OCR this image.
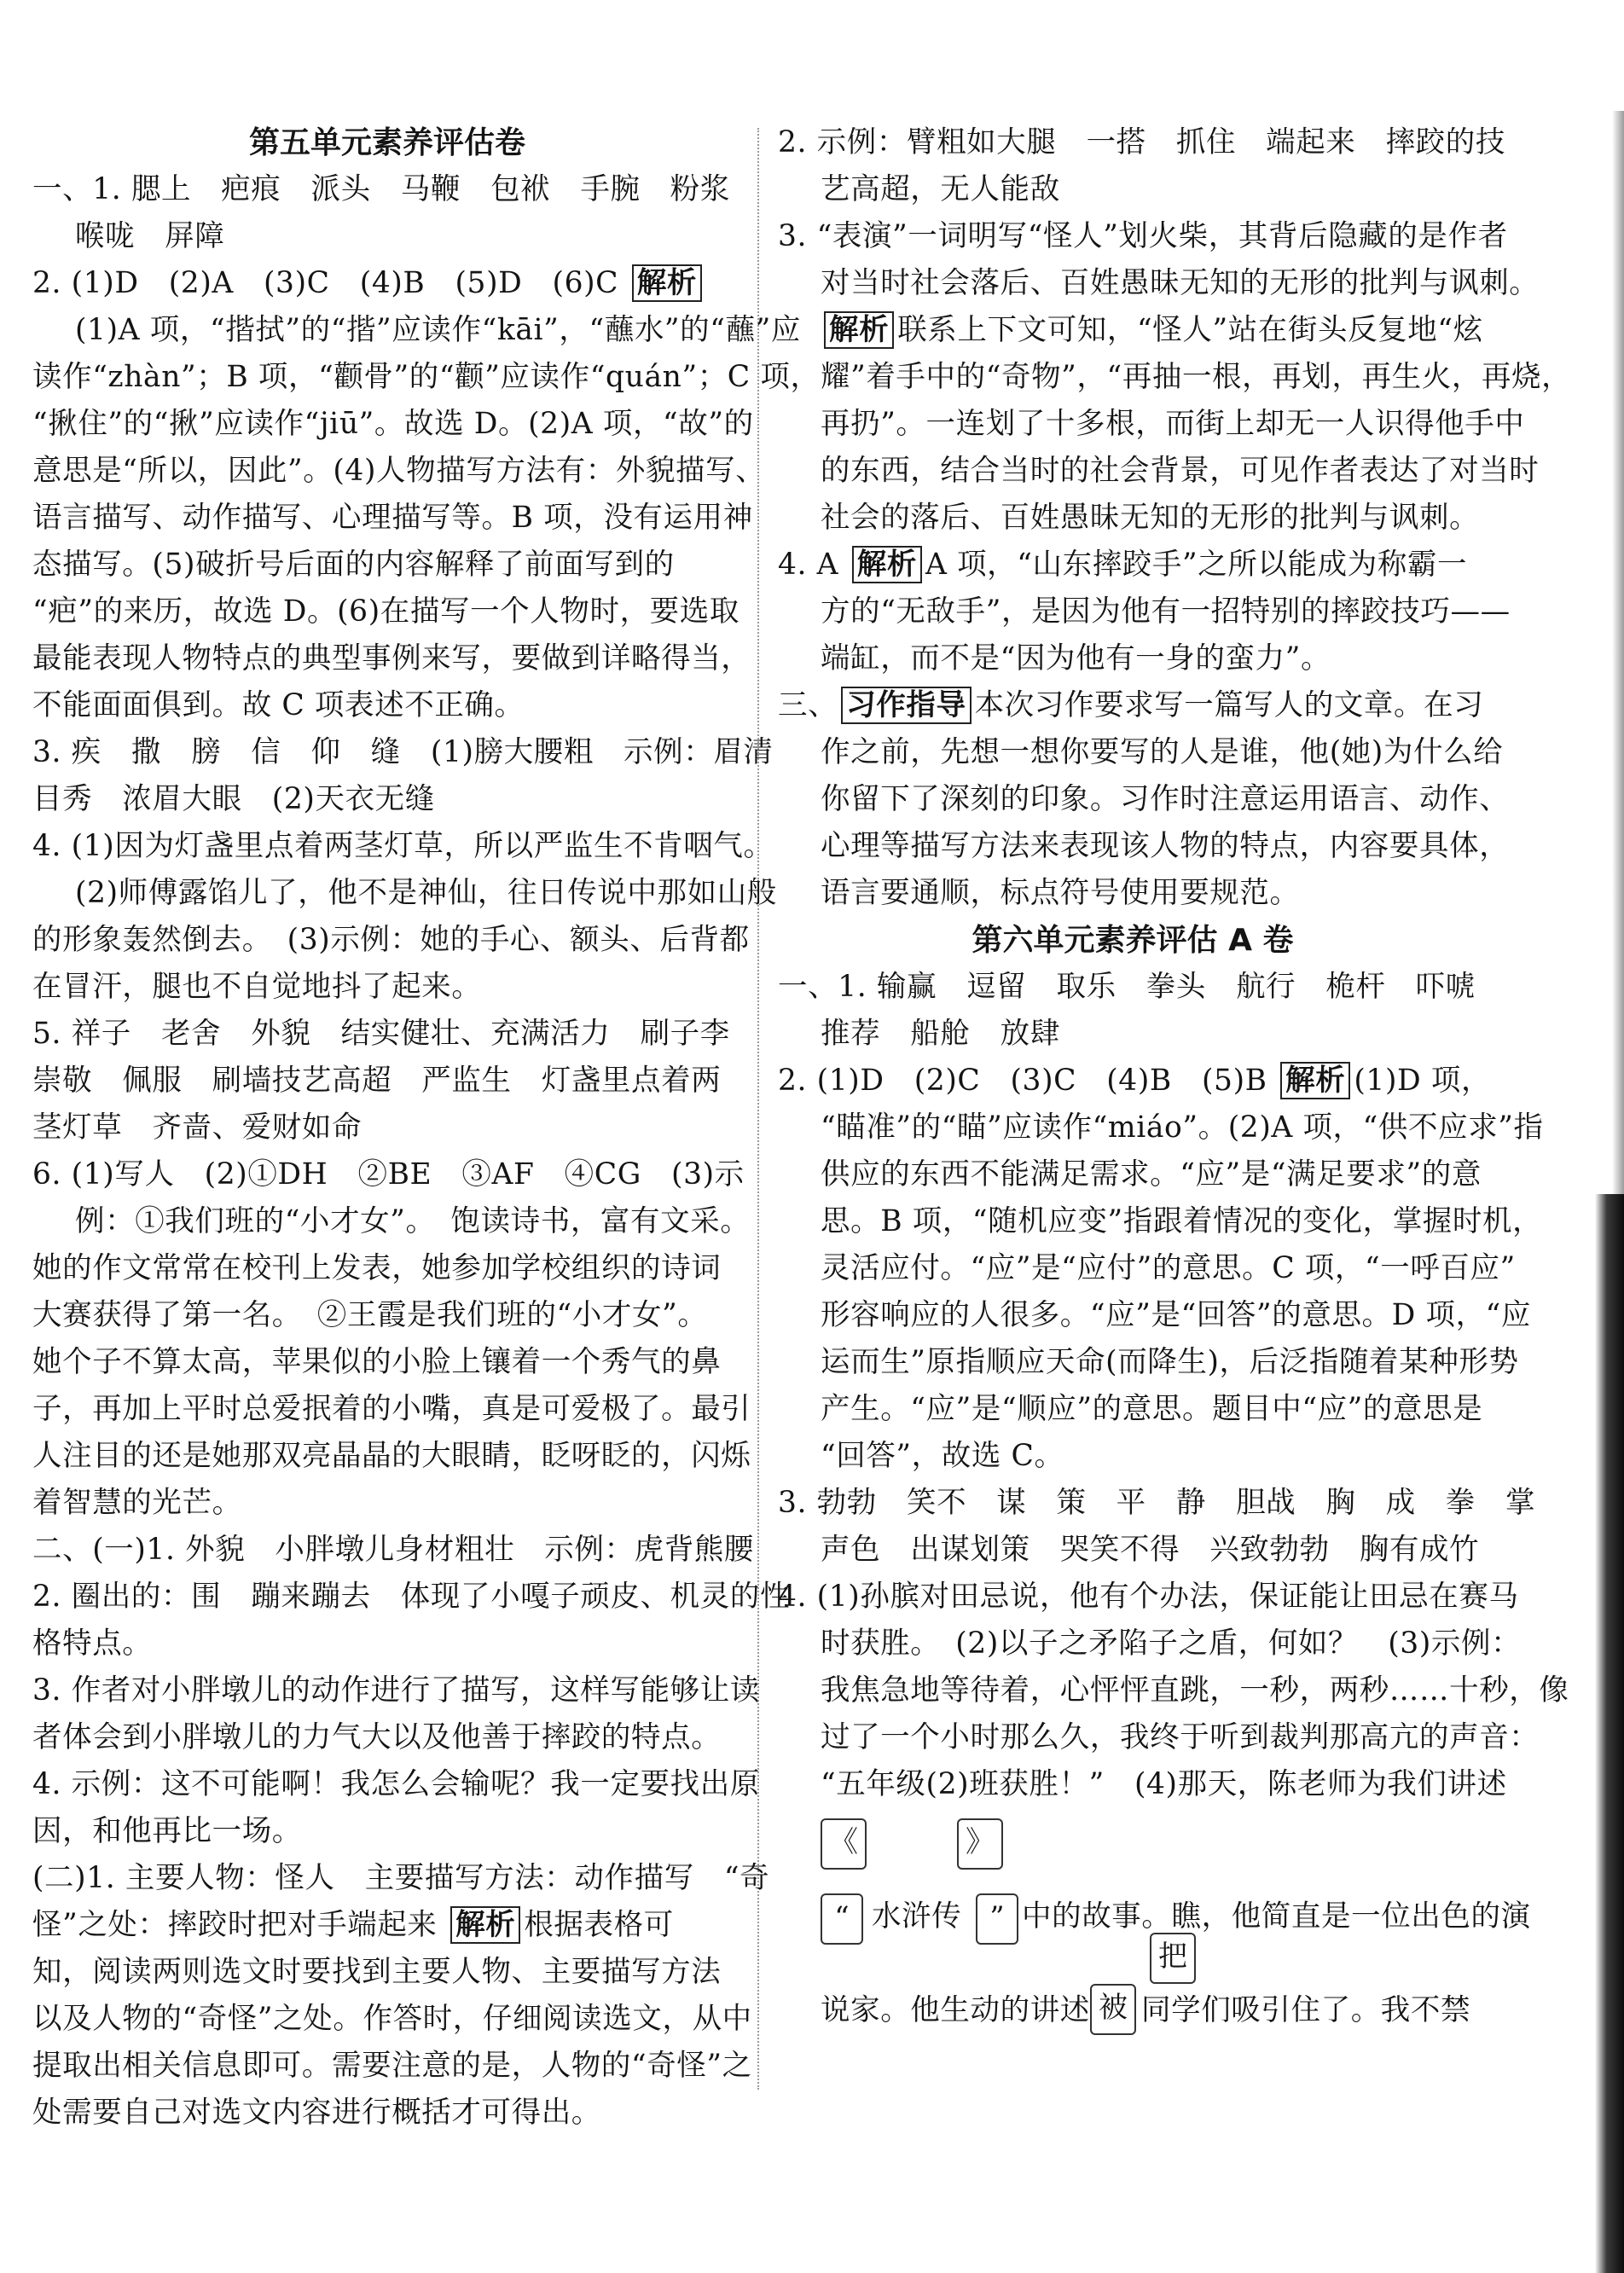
第五单元素养评估卷
一、1. 腮上　疤痕　派头　马鞭　包袱　手腕　粉浆
喉咙　屏障
2. (1)D　(2)A　(3)C　(4)B　(5)D　(6)C 解析
(1)A 项，“揩拭”的“揩”应读作“kāi”，“蘸水”的“蘸”应
读作“zhàn”；B 项，“颧骨”的“颧”应读作“quán”；C 项，
“揪住”的“揪”应读作“jiū”。故选 D。(2)A 项，“故”的
意思是“所以，因此”。(4)人物描写方法有：外貌描写、
语言描写、动作描写、心理描写等。B 项，没有运用神
态描写。(5)破折号后面的内容解释了前面写到的
“疤”的来历，故选 D。(6)在描写一个人物时，要选取
最能表现人物特点的典型事例来写，要做到详略得当，
不能面面俱到。故 C 项表述不正确。
3. 疾　撒　膀　信　仰　缝　(1)膀大腰粗　示例：眉清
目秀　浓眉大眼　(2)天衣无缝
4. (1)因为灯盏里点着两茎灯草，所以严监生不肯咽气。
(2)师傅露馅儿了，他不是神仙，往日传说中那如山般
的形象轰然倒去。　(3)示例：她的手心、额头、后背都
在冒汗，腿也不自觉地抖了起来。
5. 祥子　老舍　外貌　结实健壮、充满活力　刷子李
崇敬　佩服　刷墙技艺高超　严监生　灯盏里点着两
茎灯草　齐啬、爱财如命
6. (1)写人　(2)①DH　②BE　③AF　④CG　(3)示
例：①我们班的“小才女”。　饱读诗书，富有文采。
她的作文常常在校刊上发表，她参加学校组织的诗词
大赛获得了第一名。　②王霞是我们班的“小才女”。
她个子不算太高，苹果似的小脸上镶着一个秀气的鼻
子，再加上平时总爱抿着的小嘴，真是可爱极了。最引
人注目的还是她那双亮晶晶的大眼睛，眨呀眨的，闪烁
着智慧的光芒。
二、(一)1. 外貌　小胖墩儿身材粗壮　示例：虎背熊腰
2. 圈出的：围　蹦来蹦去　体现了小嘎子顽皮、机灵的性
格特点。
3. 作者对小胖墩儿的动作进行了描写，这样写能够让读
者体会到小胖墩儿的力气大以及他善于摔跤的特点。
4. 示例：这不可能啊！我怎么会输呢？我一定要找出原
因，和他再比一场。
(二)1. 主要人物：怪人　主要描写方法：动作描写　“奇
怪”之处：摔跤时把对手端起来 解析 根据表格可
知，阅读两则选文时要找到主要人物、主要描写方法
以及人物的“奇怪”之处。作答时，仔细阅读选文，从中
提取出相关信息即可。需要注意的是，人物的“奇怪”之
处需要自己对选文内容进行概括才可得出。
2. 示例：臂粗如大腿　一搭　抓住　端起来　摔跤的技
艺高超，无人能敌
3. “表演”一词明写“怪人”划火柴，其背后隐藏的是作者
对当时社会落后、百姓愚昧无知的无形的批判与讽刺。
解析 联系上下文可知，“怪人”站在街头反复地“炫
耀”着手中的“奇物”，“再抽一根，再划，再生火，再烧，
再扔”。一连划了十多根，而街上却无一人识得他手中
的东西，结合当时的社会背景，可见作者表达了对当时
社会的落后、百姓愚昧无知的无形的批判与讽刺。
4. A 解析 A 项，“山东摔跤手”之所以能成为称霸一
方的“无敌手”，是因为他有一招特别的摔跤技巧——
端缸，而不是“因为他有一身的蛮力”。
三、 习作指导 本次习作要求写一篇写人的文章。在习
作之前，先想一想你要写的人是谁，他(她)为什么给
你留下了深刻的印象。习作时注意运用语言、动作、
心理等描写方法来表现该人物的特点，内容要具体，
语言要通顺，标点符号使用要规范。
第六单元素养评估 A 卷
一、1. 输赢　逗留　取乐　拳头　航行　桅杆　吓唬
推荐　船舱　放肆
2. (1)D　(2)C　(3)C　(4)B　(5)B 解析 (1)D 项，
“瞄准”的“瞄”应读作“miáo”。(2)A 项，“供不应求”指
供应的东西不能满足需求。“应”是“满足要求”的意
思。B 项，“随机应变”指跟着情况的变化，掌握时机，
灵活应付。“应”是“应付”的意思。C 项，“一呼百应”
形容响应的人很多。“应”是“回答”的意思。D 项，“应
运而生”原指顺应天命(而降生)，后泛指随着某种形势
产生。“应”是“顺应”的意思。题目中“应”的意思是
“回答”，故选 C。
3. 勃勃　笑不　谋　策　平　静　胆战　胸　成　拳　掌
声色　出谋划策　哭笑不得　兴致勃勃　胸有成竹
4. (1)孙膑对田忌说，他有个办法，保证能让田忌在赛马
时获胜。　(2)以子之矛陷子之盾，何如？　(3)示例：
我焦急地等待着，心怦怦直跳，一秒，两秒……十秒，像
过了一个小时那么久，我终于听到裁判那高亢的声音：
“五年级(2)班获胜！”　(4)那天，陈老师为我们讲述
《	》
“ 水浒传 ” 中的故事。瞧，他简直是一位出色的演
把
说家。他生动的讲述 被 同学们吸引住了。我不禁
